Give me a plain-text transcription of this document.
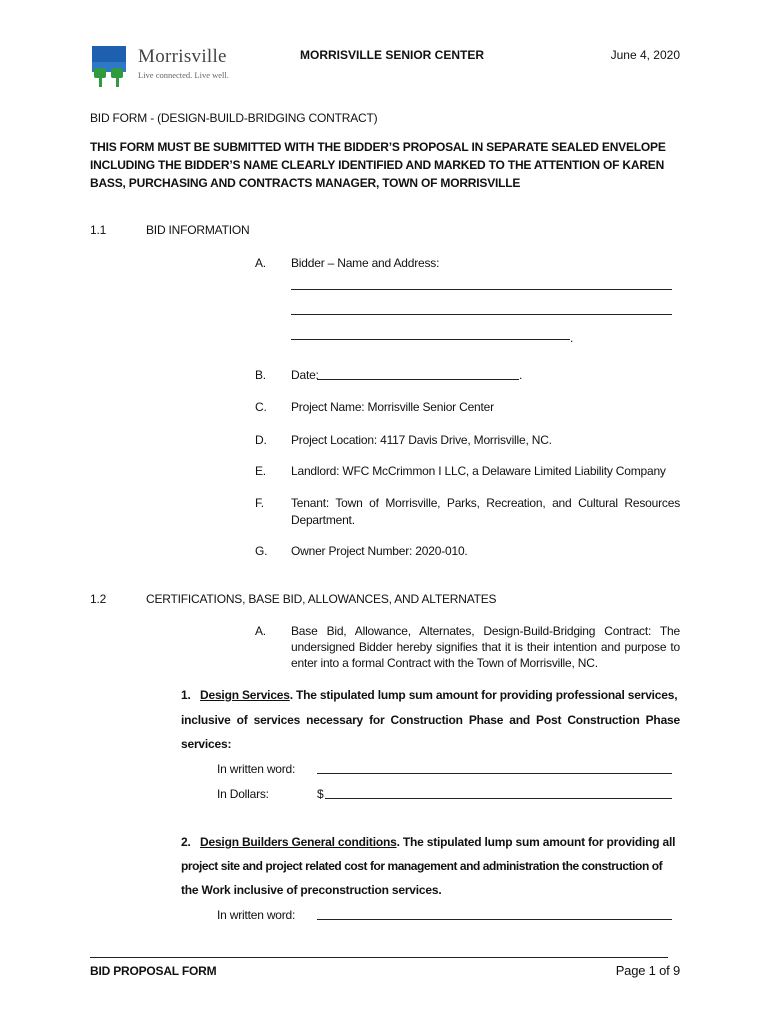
Morrisville
Live connected. Live well.
MORRISVILLE SENIOR CENTER	June 4, 2020
BID FORM - (DESIGN-BUILD-BRIDGING CONTRACT)
THIS FORM MUST BE SUBMITTED WITH THE BIDDER’S PROPOSAL IN SEPARATE SEALED ENVELOPE
INCLUDING THE BIDDER’S NAME CLEARLY IDENTIFIED AND MARKED TO THE ATTENTION OF KAREN
BASS, PURCHASING AND CONTRACTS MANAGER, TOWN OF MORRISVILLE
1.1	BID INFORMATION
A. Bidder – Name and Address:
.
B. Date:	.
C. Project Name: Morrisville Senior Center
D. Project Location: 4117 Davis Drive, Morrisville, NC.
E. Landlord: WFC McCrimmon I LLC, a Delaware Limited Liability Company
F. Tenant: Town of Morrisville, Parks, Recreation, and Cultural Resources
Department.
G. Owner Project Number: 2020-010.
1.2	CERTIFICATIONS, BASE BID, ALLOWANCES, AND ALTERNATES
A. Base Bid, Allowance, Alternates, Design-Build-Bridging Contract: The
undersigned Bidder hereby signifies that it is their intention and purpose to
enter into a formal Contract with the Town of Morrisville, NC.
1. Design Services. The stipulated lump sum amount for providing professional services,
inclusive of services necessary for Construction Phase and Post Construction Phase
services:
In written word:
In Dollars:	$
2. Design Builders General conditions. The stipulated lump sum amount for providing all
project site and project related cost for management and administration the construction of
the Work inclusive of preconstruction services.
In written word:
BID PROPOSAL FORM	Page 1 of 9
